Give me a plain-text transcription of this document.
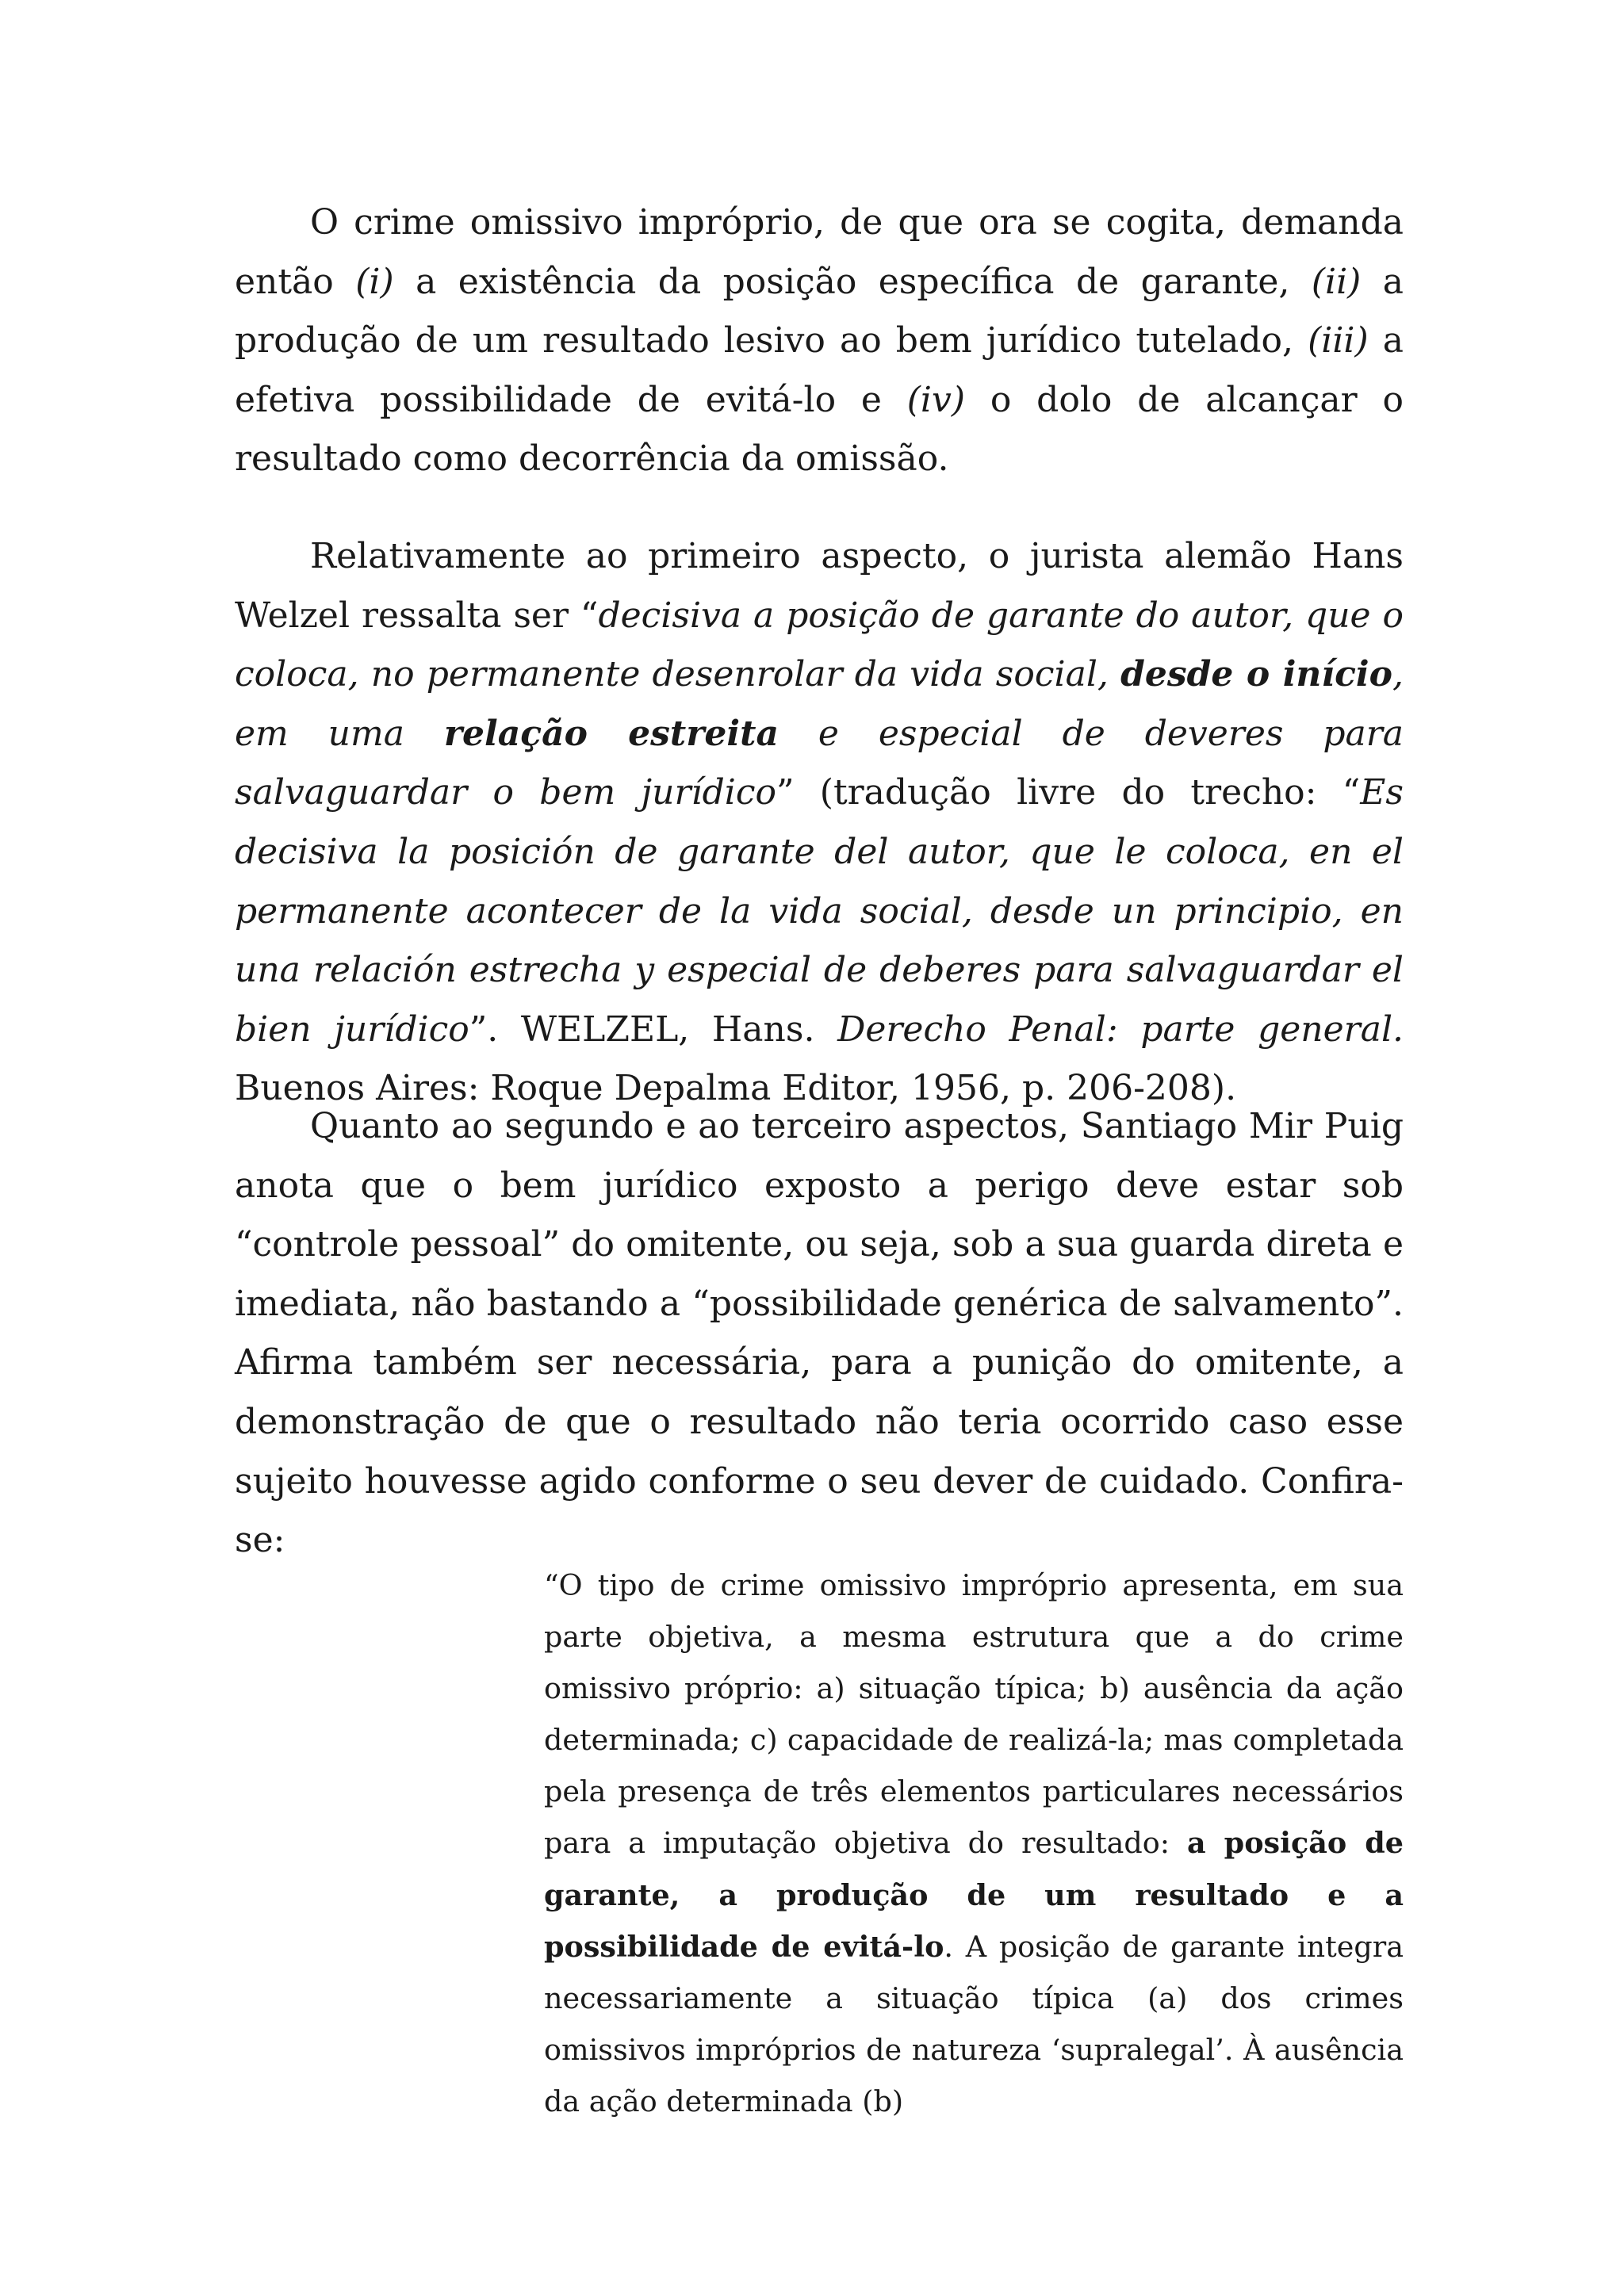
O crime omissivo impróprio, de que ora se cogita, demanda então (i) a existência da posição específica de garante, (ii) a produção de um resultado lesivo ao bem jurídico tutelado, (iii) a efetiva possibilidade de evitá-lo e (iv) o dolo de alcançar o resultado como decorrência da omissão.

Relativamente ao primeiro aspecto, o jurista alemão Hans Welzel ressalta ser “decisiva a posição de garante do autor, que o coloca, no permanente desenrolar da vida social, desde o início, em uma relação estreita e especial de deveres para salvaguardar o bem jurídico” (tradução livre do trecho: “Es decisiva la posición de garante del autor, que le coloca, en el permanente acontecer de la vida social, desde un principio, en una relación estrecha y especial de deberes para salvaguardar el bien jurídico”. WELZEL, Hans. Derecho Penal: parte general. Buenos Aires: Roque Depalma Editor, 1956, p. 206-208).

Quanto ao segundo e ao terceiro aspectos, Santiago Mir Puig anota que o bem jurídico exposto a perigo deve estar sob “controle pessoal” do omitente, ou seja, sob a sua guarda direta e imediata, não bastando a “possibilidade genérica de salvamento”. Afirma também ser necessária, para a punição do omitente, a demonstração de que o resultado não teria ocorrido caso esse sujeito houvesse agido conforme o seu dever de cuidado. Confira-se:

“O tipo de crime omissivo impróprio apresenta, em sua parte objetiva, a mesma estrutura que a do crime omissivo próprio: a) situação típica; b) ausência da ação determinada; c) capacidade de realizá-la; mas completada pela presença de três elementos particulares necessários para a imputação objetiva do resultado: a posição de garante, a produção de um resultado e a possibilidade de evitá-lo. A posição de garante integra necessariamente a situação típica (a) dos crimes omissivos impróprios de natureza ‘supralegal’. À ausência da ação determinada (b)
